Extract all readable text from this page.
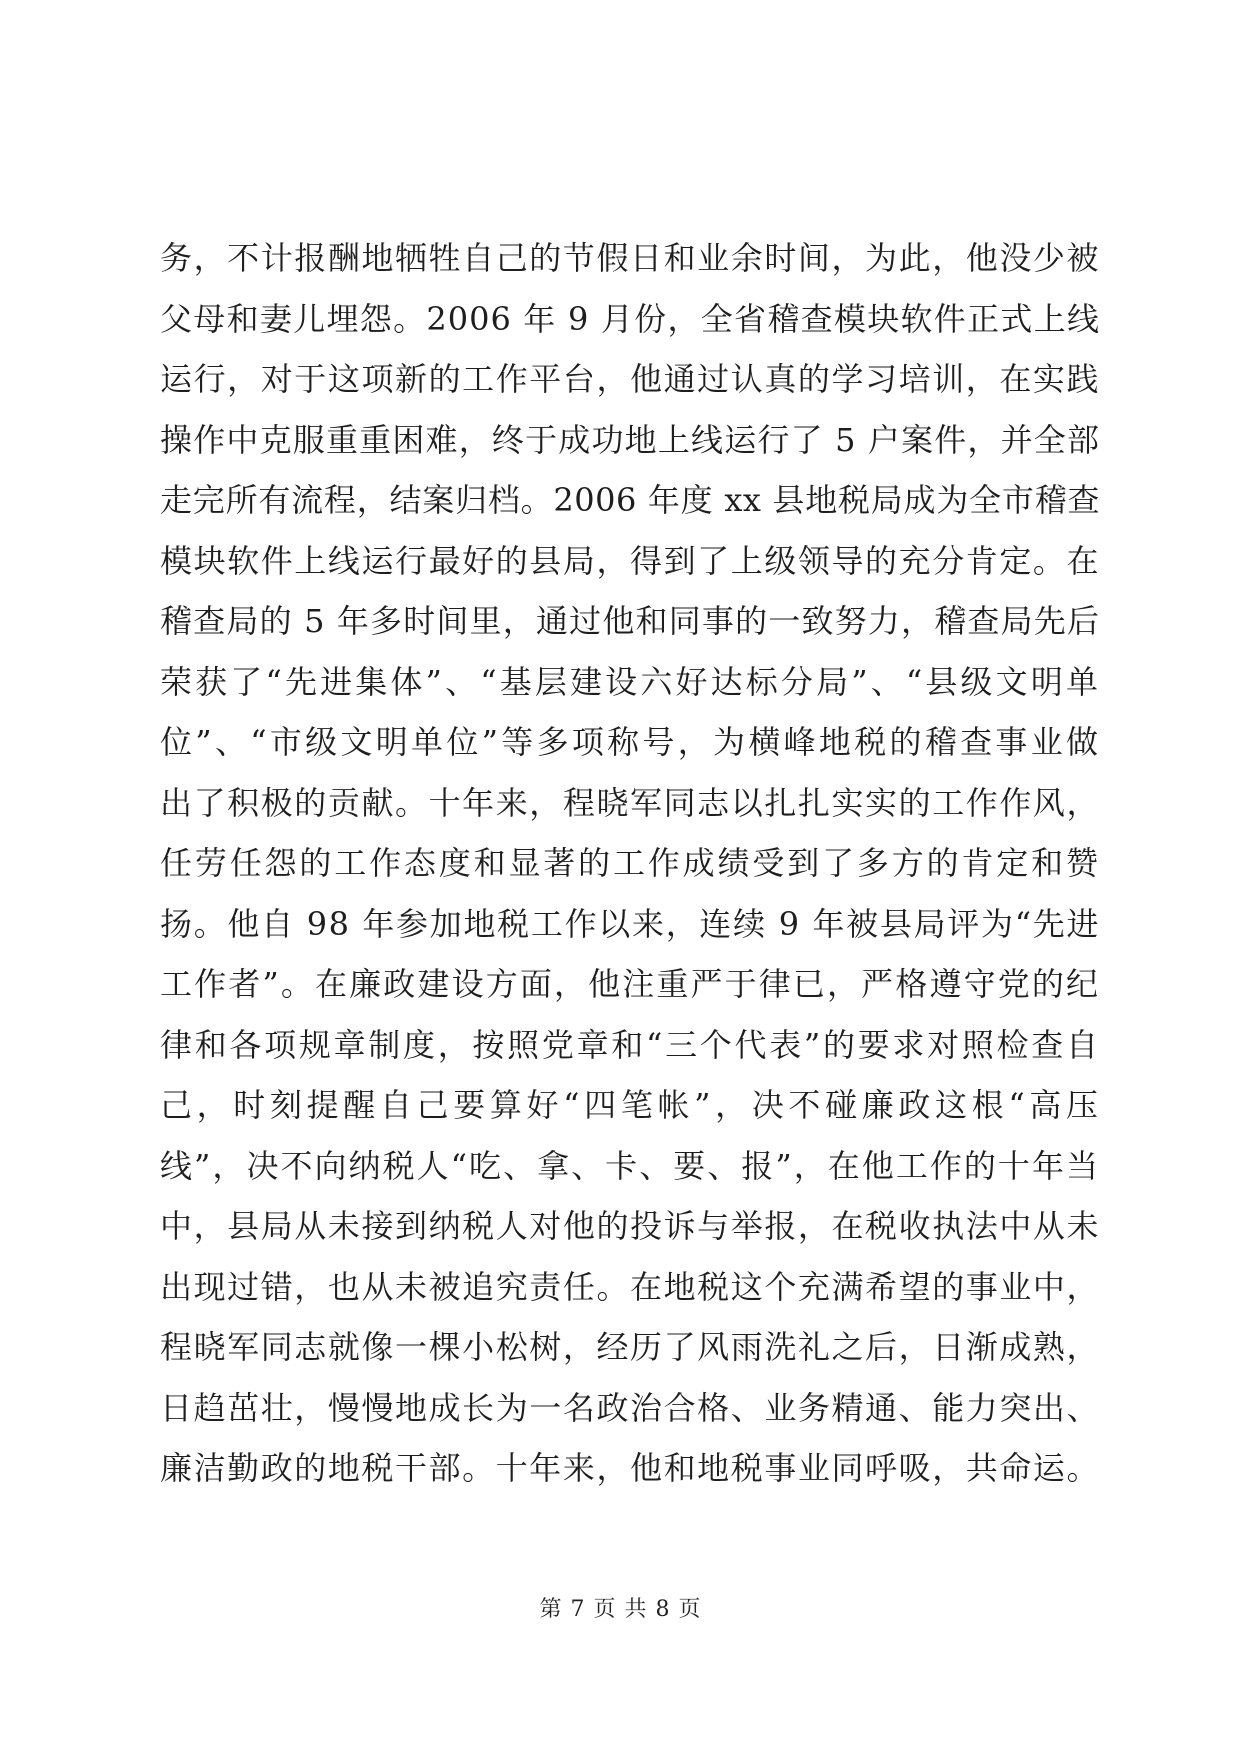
务，不计报酬地牺牲自己的节假日和业余时间，为此，他没少被
父母和妻儿埋怨。2006 年 9 月份，全省稽查模块软件正式上线
运行，对于这项新的工作平台，他通过认真的学习培训，在实践
操作中克服重重困难，终于成功地上线运行了 5 户案件，并全部
走完所有流程，结案归档。2006 年度 xx 县地税局成为全市稽查
模块软件上线运行最好的县局，得到了上级领导的充分肯定。在
稽查局的 5 年多时间里，通过他和同事的一致努力，稽查局先后
荣获了“先进集体”、“基层建设六好达标分局”、“县级文明单
位”、“市级文明单位”等多项称号，为横峰地税的稽查事业做
出了积极的贡献。十年来，程晓军同志以扎扎实实的工作作风，
任劳任怨的工作态度和显著的工作成绩受到了多方的肯定和赞
扬。他自 98 年参加地税工作以来，连续 9 年被县局评为“先进
工作者”。在廉政建设方面，他注重严于律已，严格遵守党的纪
律和各项规章制度，按照党章和“三个代表”的要求对照检查自
己，时刻提醒自己要算好“四笔帐”，决不碰廉政这根“高压
线”，决不向纳税人“吃、拿、卡、要、报”，在他工作的十年当
中，县局从未接到纳税人对他的投诉与举报，在税收执法中从未
出现过错，也从未被追究责任。在地税这个充满希望的事业中，
程晓军同志就像一棵小松树，经历了风雨洗礼之后，日渐成熟，
日趋茁壮，慢慢地成长为一名政治合格、业务精通、能力突出、
廉洁勤政的地税干部。十年来，他和地税事业同呼吸，共命运。
第 7 页 共 8 页
